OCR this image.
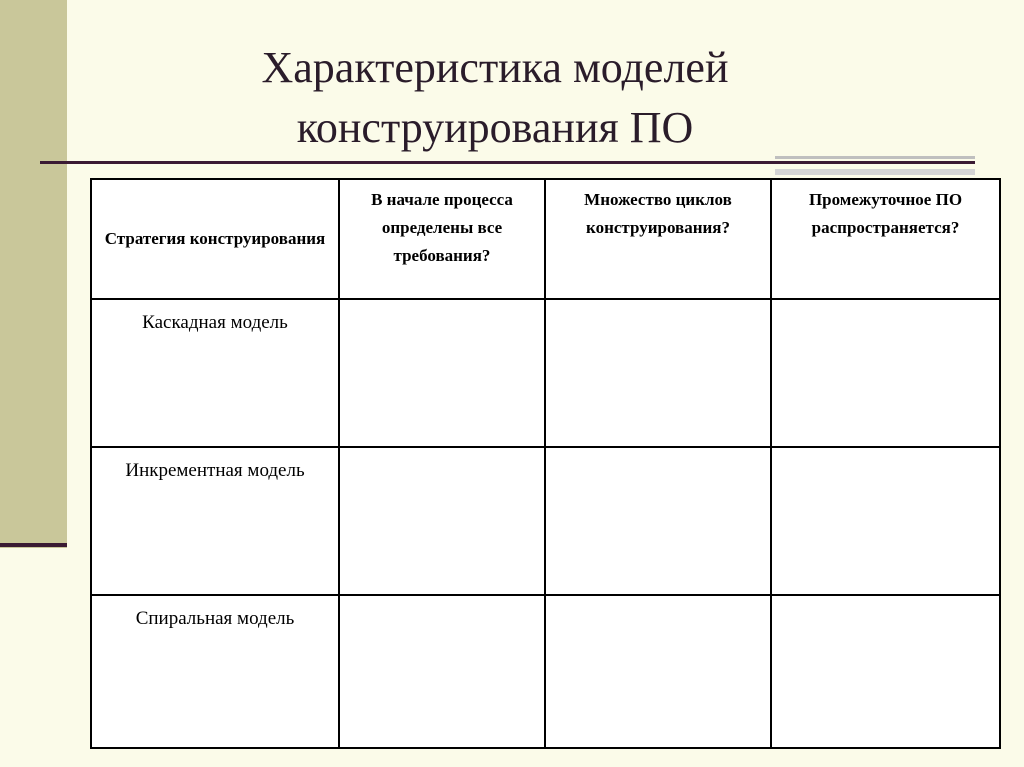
Характеристика моделей
конструирования ПО
Стратегия конструирования	В начале процесса определены все требования?	Множество циклов конструирования?	Промежуточное ПО распространяется?
Каскадная модель			
Инкрементная модель			
Спиральная модель			
